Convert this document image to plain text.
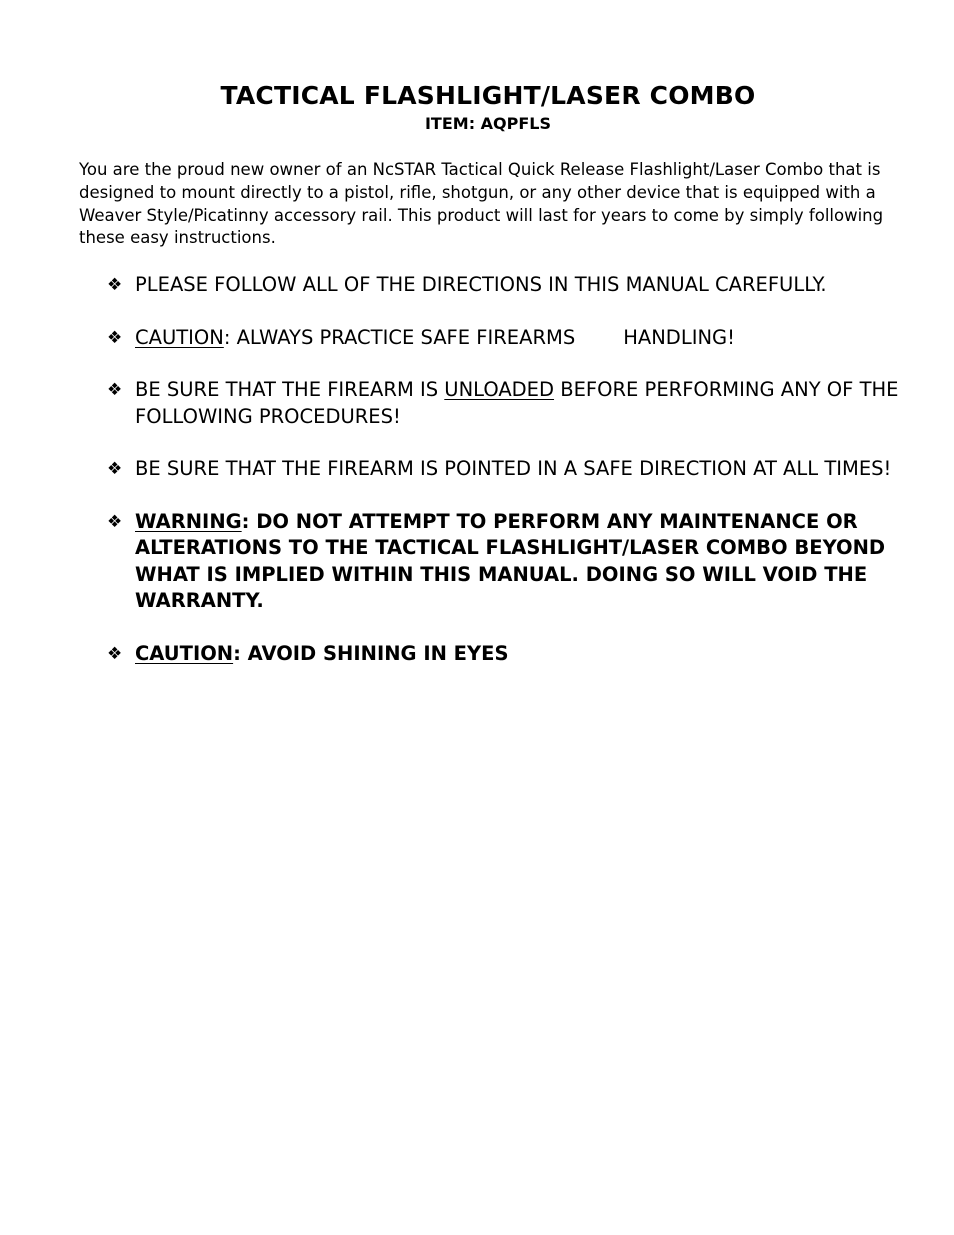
TACTICAL FLASHLIGHT/LASER COMBO
ITEM: AQPFLS
You are the proud new owner of an NcSTAR Tactical Quick Release Flashlight/Laser Combo that is designed to mount directly to a pistol, rifle, shotgun, or any other device that is equipped with a Weaver Style/Picatinny accessory rail. This product will last for years to come by simply following these easy instructions.
❖ PLEASE FOLLOW ALL OF THE DIRECTIONS IN THIS MANUAL CAREFULLY.
❖ CAUTION: ALWAYS PRACTICE SAFE FIREARMS HANDLING!
❖ BE SURE THAT THE FIREARM IS UNLOADED BEFORE PERFORMING ANY OF THE FOLLOWING PROCEDURES!
❖ BE SURE THAT THE FIREARM IS POINTED IN A SAFE DIRECTION AT ALL TIMES!
❖ WARNING: DO NOT ATTEMPT TO PERFORM ANY MAINTENANCE OR ALTERATIONS TO THE TACTICAL FLASHLIGHT/LASER COMBO BEYOND WHAT IS IMPLIED WITHIN THIS MANUAL. DOING SO WILL VOID THE WARRANTY.
❖ CAUTION: AVOID SHINING IN EYES
